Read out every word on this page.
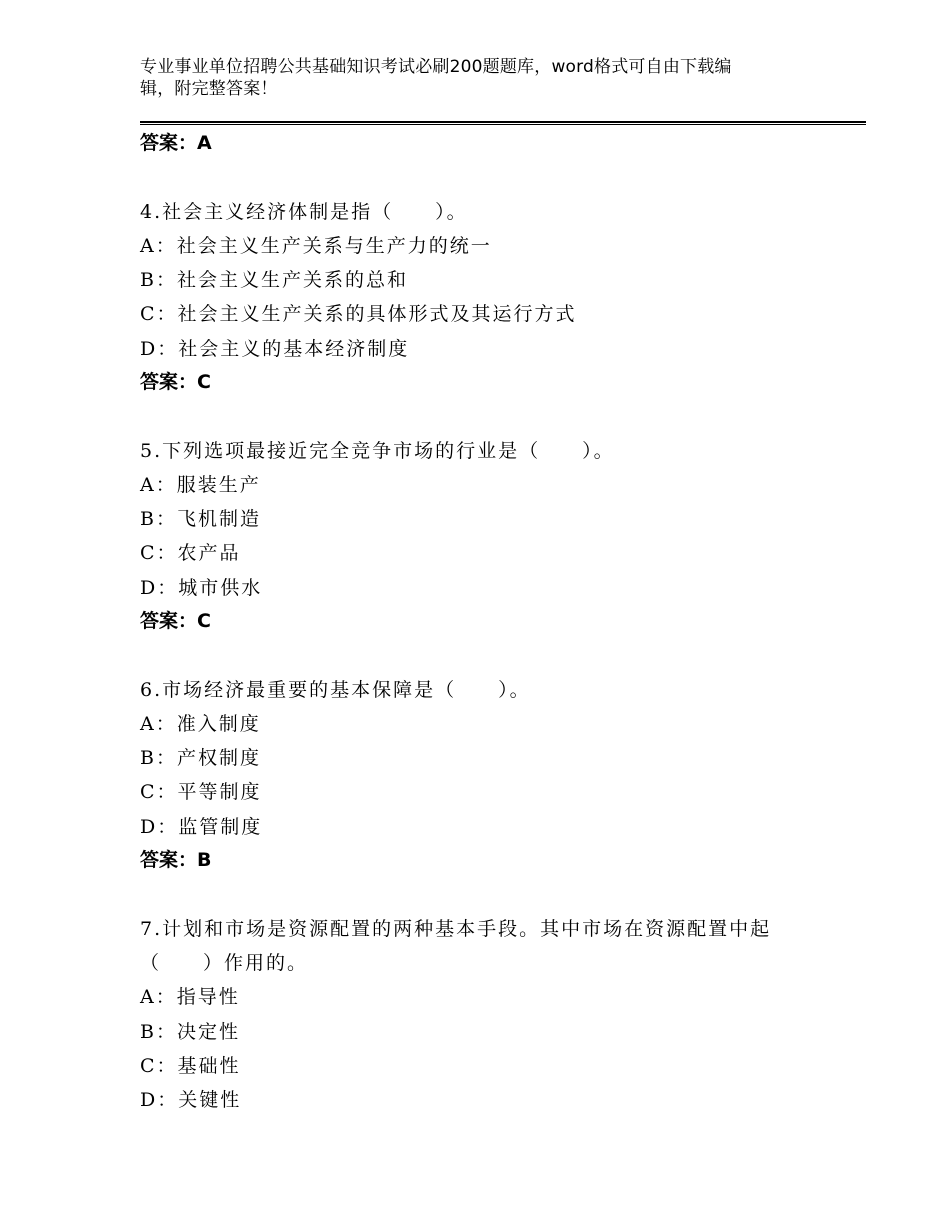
专业事业单位招聘公共基础知识考试必刷200题题库，word格式可自由下载编
辑，附完整答案！
答案：A
4.社会主义经济体制是指（　　）。
A：社会主义生产关系与生产力的统一
B：社会主义生产关系的总和
C：社会主义生产关系的具体形式及其运行方式
D：社会主义的基本经济制度
答案：C
5.下列选项最接近完全竞争市场的行业是（　　）。
A：服装生产
B：飞机制造
C：农产品
D：城市供水
答案：C
6.市场经济最重要的基本保障是（　　）。
A：准入制度
B：产权制度
C：平等制度
D：监管制度
答案：B
7.计划和市场是资源配置的两种基本手段。其中市场在资源配置中起
（　　）作用的。
A：指导性
B：决定性
C：基础性
D：关键性
